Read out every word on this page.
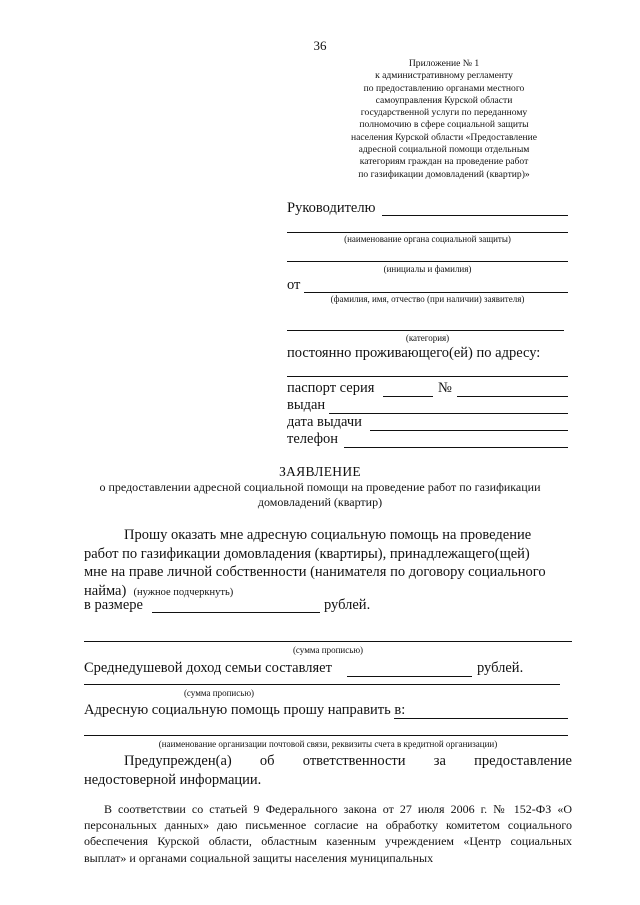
36
Приложение № 1
к административному регламенту
по предоставлению органами местного
самоуправления Курской области
государственной услуги по переданному
полномочию в сфере социальной защиты
населения Курской области «Предоставление
адресной социальной помощи отдельным
категориям граждан на проведение работ
по газификации домовладений (квартир)»
Руководителю
(наименование органа социальной защиты)
(инициалы и фамилия)
от
(фамилия, имя, отчество (при наличии) заявителя)
(категория)
постоянно проживающего(ей) по адресу:
паспорт серия	№
выдан
дата выдачи
телефон
ЗАЯВЛЕНИЕ
о предоставлении адресной социальной помощи на проведение работ по газификации
домовладений (квартир)
Прошу оказать мне адресную социальную помощь на проведение
работ по газификации домовладения (квартиры), принадлежащего(щей)
мне на праве личной собственности (нанимателя по договору социального
найма) (нужное подчеркнуть)
в размере	рублей.
(сумма прописью)
Среднедушевой доход семьи составляет	рублей.
(сумма прописью)
Адресную социальную помощь прошу направить в:
(наименование организации почтовой связи, реквизиты счета в кредитной организации)
Предупрежден(а) об ответственности за предоставление
недостоверной информации.
В соответствии со статьей 9 Федерального закона от 27 июля 2006 г. № 152-ФЗ «О персональных данных» даю письменное согласие на обработку комитетом социального обеспечения Курской области, областным казенным учреждением «Центр социальных выплат» и органами социальной защиты населения муниципальных
